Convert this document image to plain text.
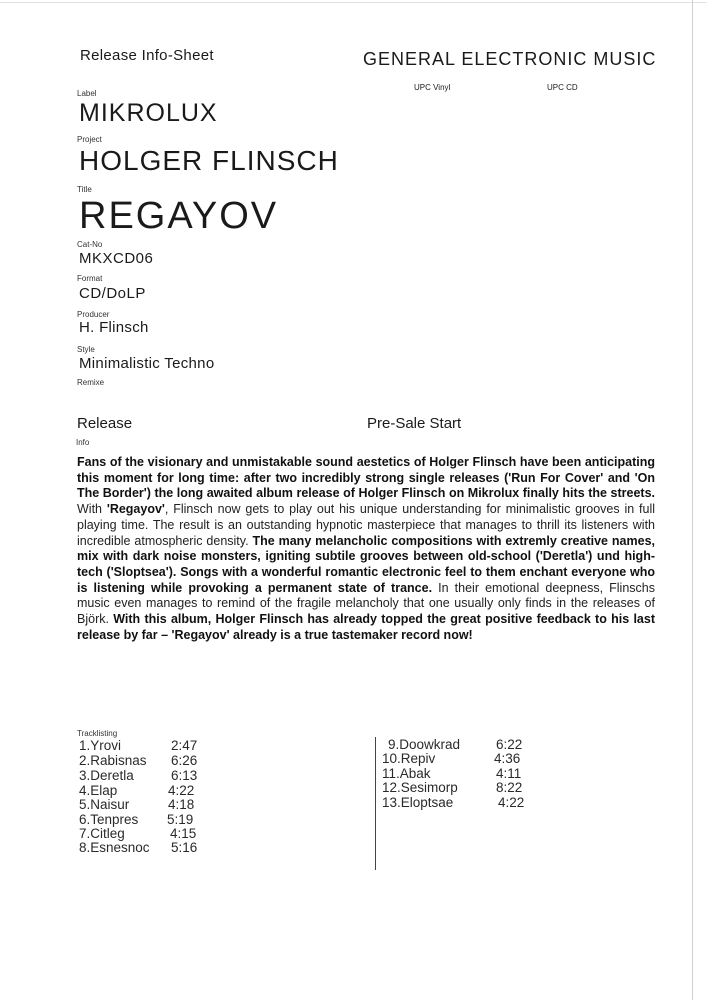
Release Info-Sheet	GENERAL ELECTRONIC MUSIC
UPC Vinyl	UPC CD
Label
MIKROLUX
Project
HOLGER FLINSCH
Title
REGAYOV
Cat-No
MKXCD06
Format
CD/DoLP
Producer
H. Flinsch
Style
Minimalistic Techno
Remixe
Release	Pre-Sale Start
Info
Fans of the visionary and unmistakable sound aestetics of Holger Flinsch have been anticipating this moment for long time: after two incredibly strong single releases ('Run For Cover' and 'On The Border') the long awaited album release of Holger Flinsch on Mikrolux finally hits the streets. With 'Regayov', Flinsch now gets to play out his unique understanding for minimalistic grooves in full playing time. The result is an outstanding hypnotic masterpiece that manages to thrill its listeners with incredible atmospheric density. The many melancholic compositions with extremly creative names, mix with dark noise monsters, igniting subtile grooves between old-school ('Deretla') und high-tech ('Sloptsea'). Songs with a wonderful romantic electronic feel to them enchant everyone who is listening while provoking a permanent state of trance. In their emotional deepness, Flinschs music even manages to remind of the fragile melancholy that one usually only finds in the releases of Björk. With this album, Holger Flinsch has already topped the great positive feedback to his last release by far – 'Regayov' already is a true tastemaker record now!
Tracklisting
1.Yrovi	2:47
2.Rabisnas 6:26
3.Deretla	6:13
4.Elap	4:22
5.Naisur	4:18
6.Tenpres 5:19
7.Citleg	4:15
8.Esnesnoc 5:16
9.Doowkrad	6:22
10.Repiv	4:36
11.Abak	4:11
12.Sesimorp	8:22
13.Eloptsae	4:22
